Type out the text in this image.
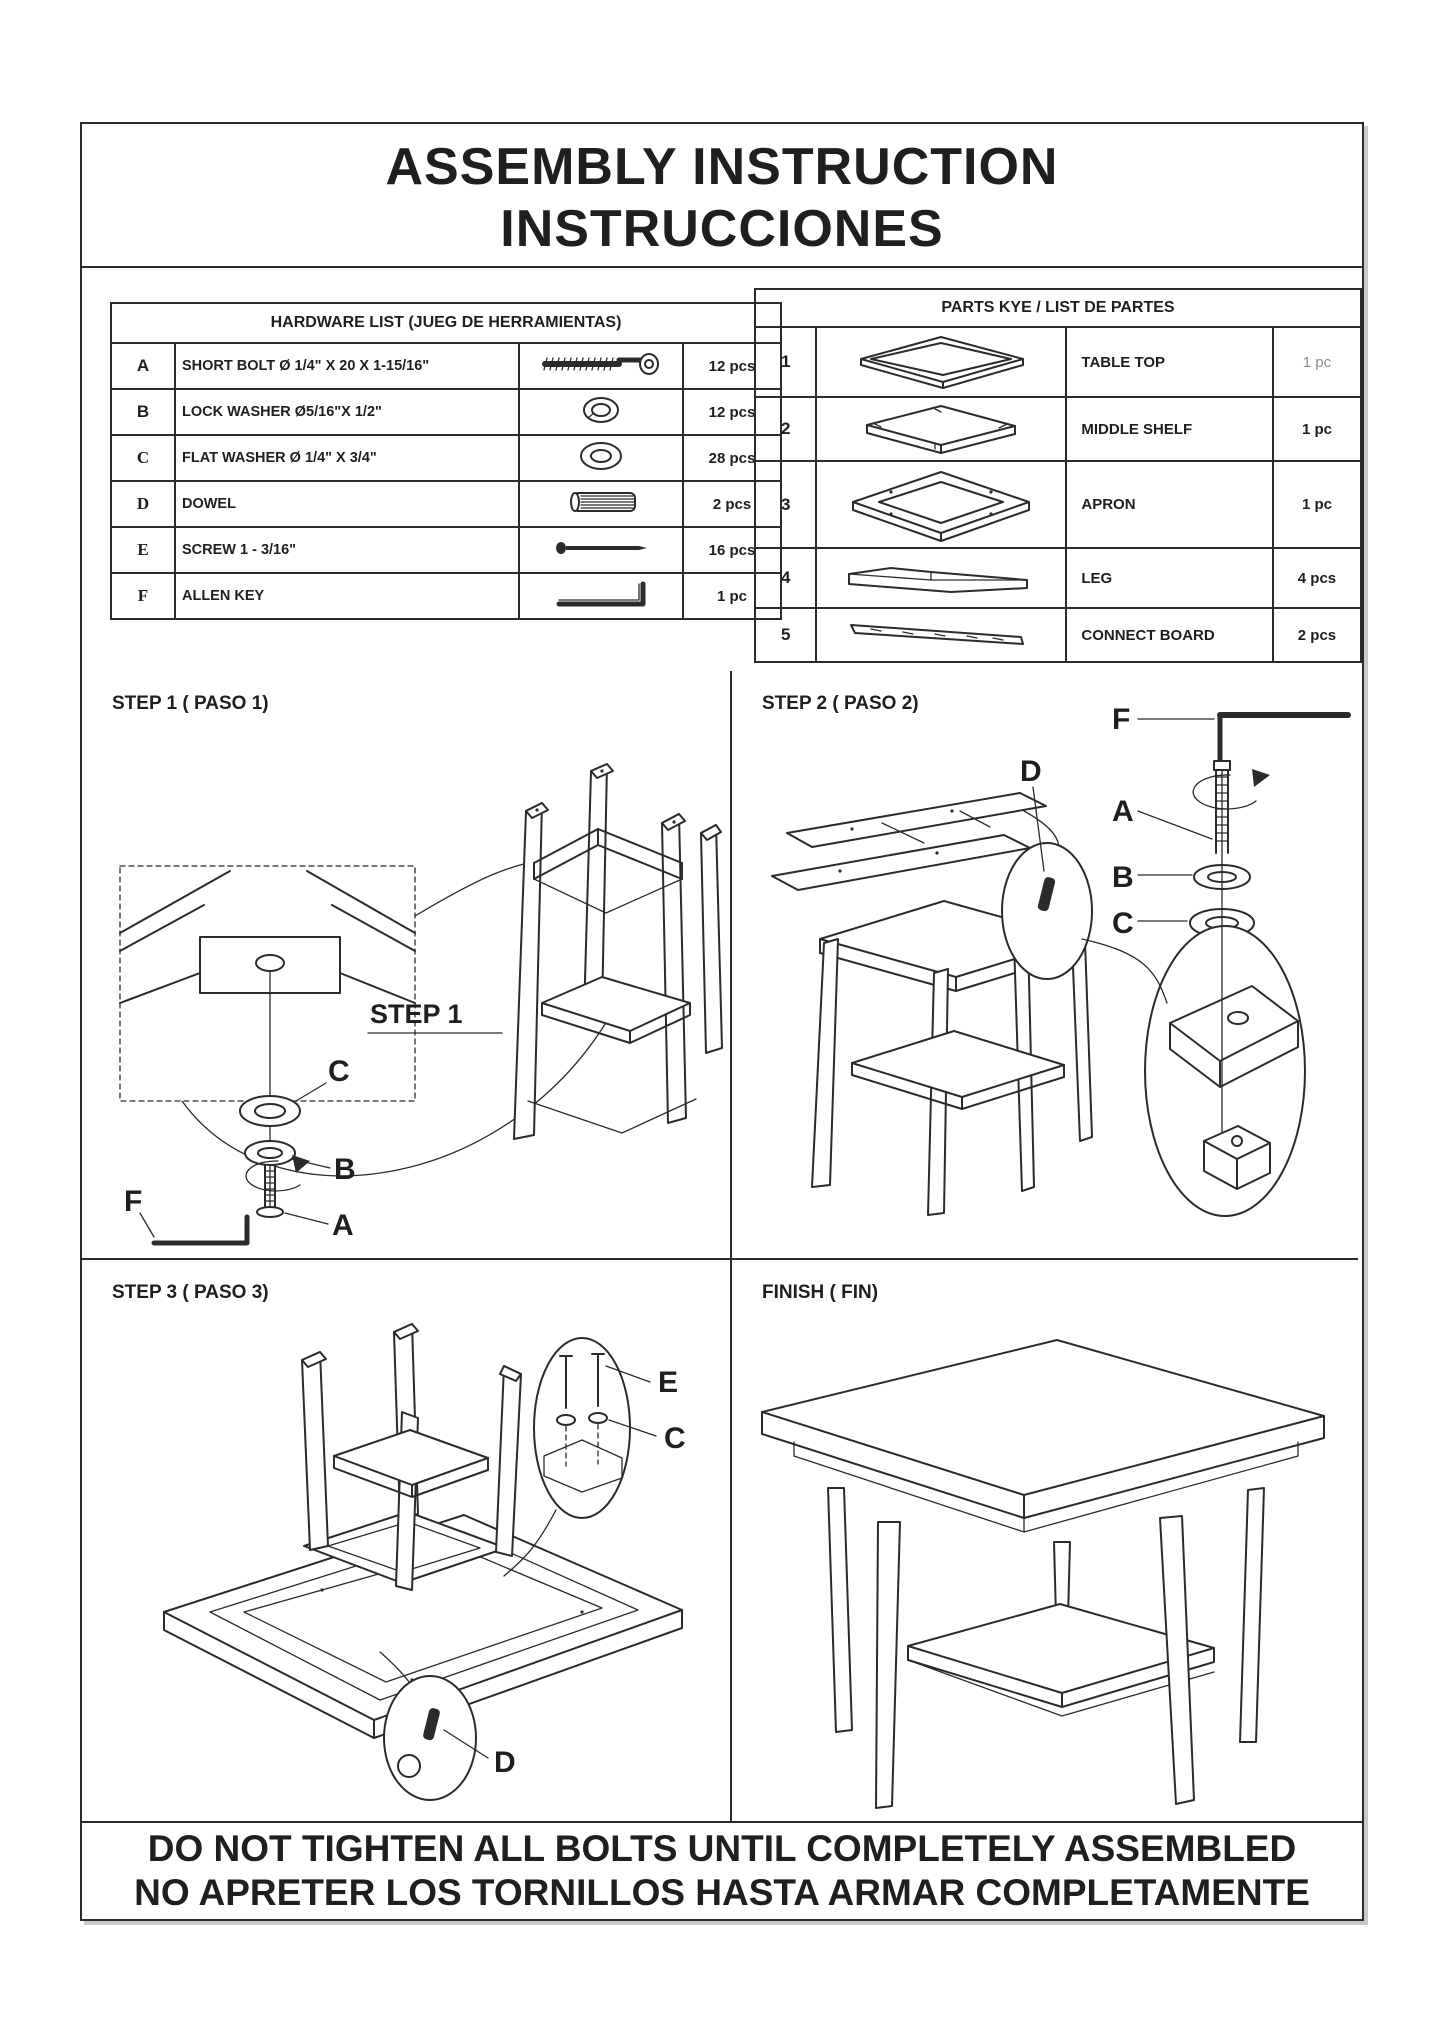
ASSEMBLY INSTRUCTION
INSTRUCCIONES
HARDWARE LIST (JUEG DE HERRAMIENTAS)			
A	SHORT BOLT Ø 1/4" X 20 X 1-15/16"		12 pcs
B	LOCK WASHER Ø5/16"X 1/2"		12 pcs
C	FLAT WASHER Ø 1/4" X 3/4"		28 pcs
D	DOWEL		2 pcs
E	SCREW 1 - 3/16"		16 pcs
F	ALLEN KEY		1 pc
PARTS KYE / LIST DE PARTES			
1		TABLE TOP	1 pc
2		MIDDLE SHELF	1 pc
3		APRON	1 pc
4		LEG	4 pcs
5		CONNECT BOARD	2 pcs
STEP 1 ( PASO 1)
STEP 1
C
B
A
F
STEP 2 ( PASO 2)	F
A
B
C
D
STEP 3 ( PASO 3)
E
C
D
FINISH ( FIN)
DO NOT TIGHTEN ALL BOLTS UNTIL COMPLETELY ASSEMBLED
NO APRETER LOS TORNILLOS HASTA ARMAR COMPLETAMENTE
